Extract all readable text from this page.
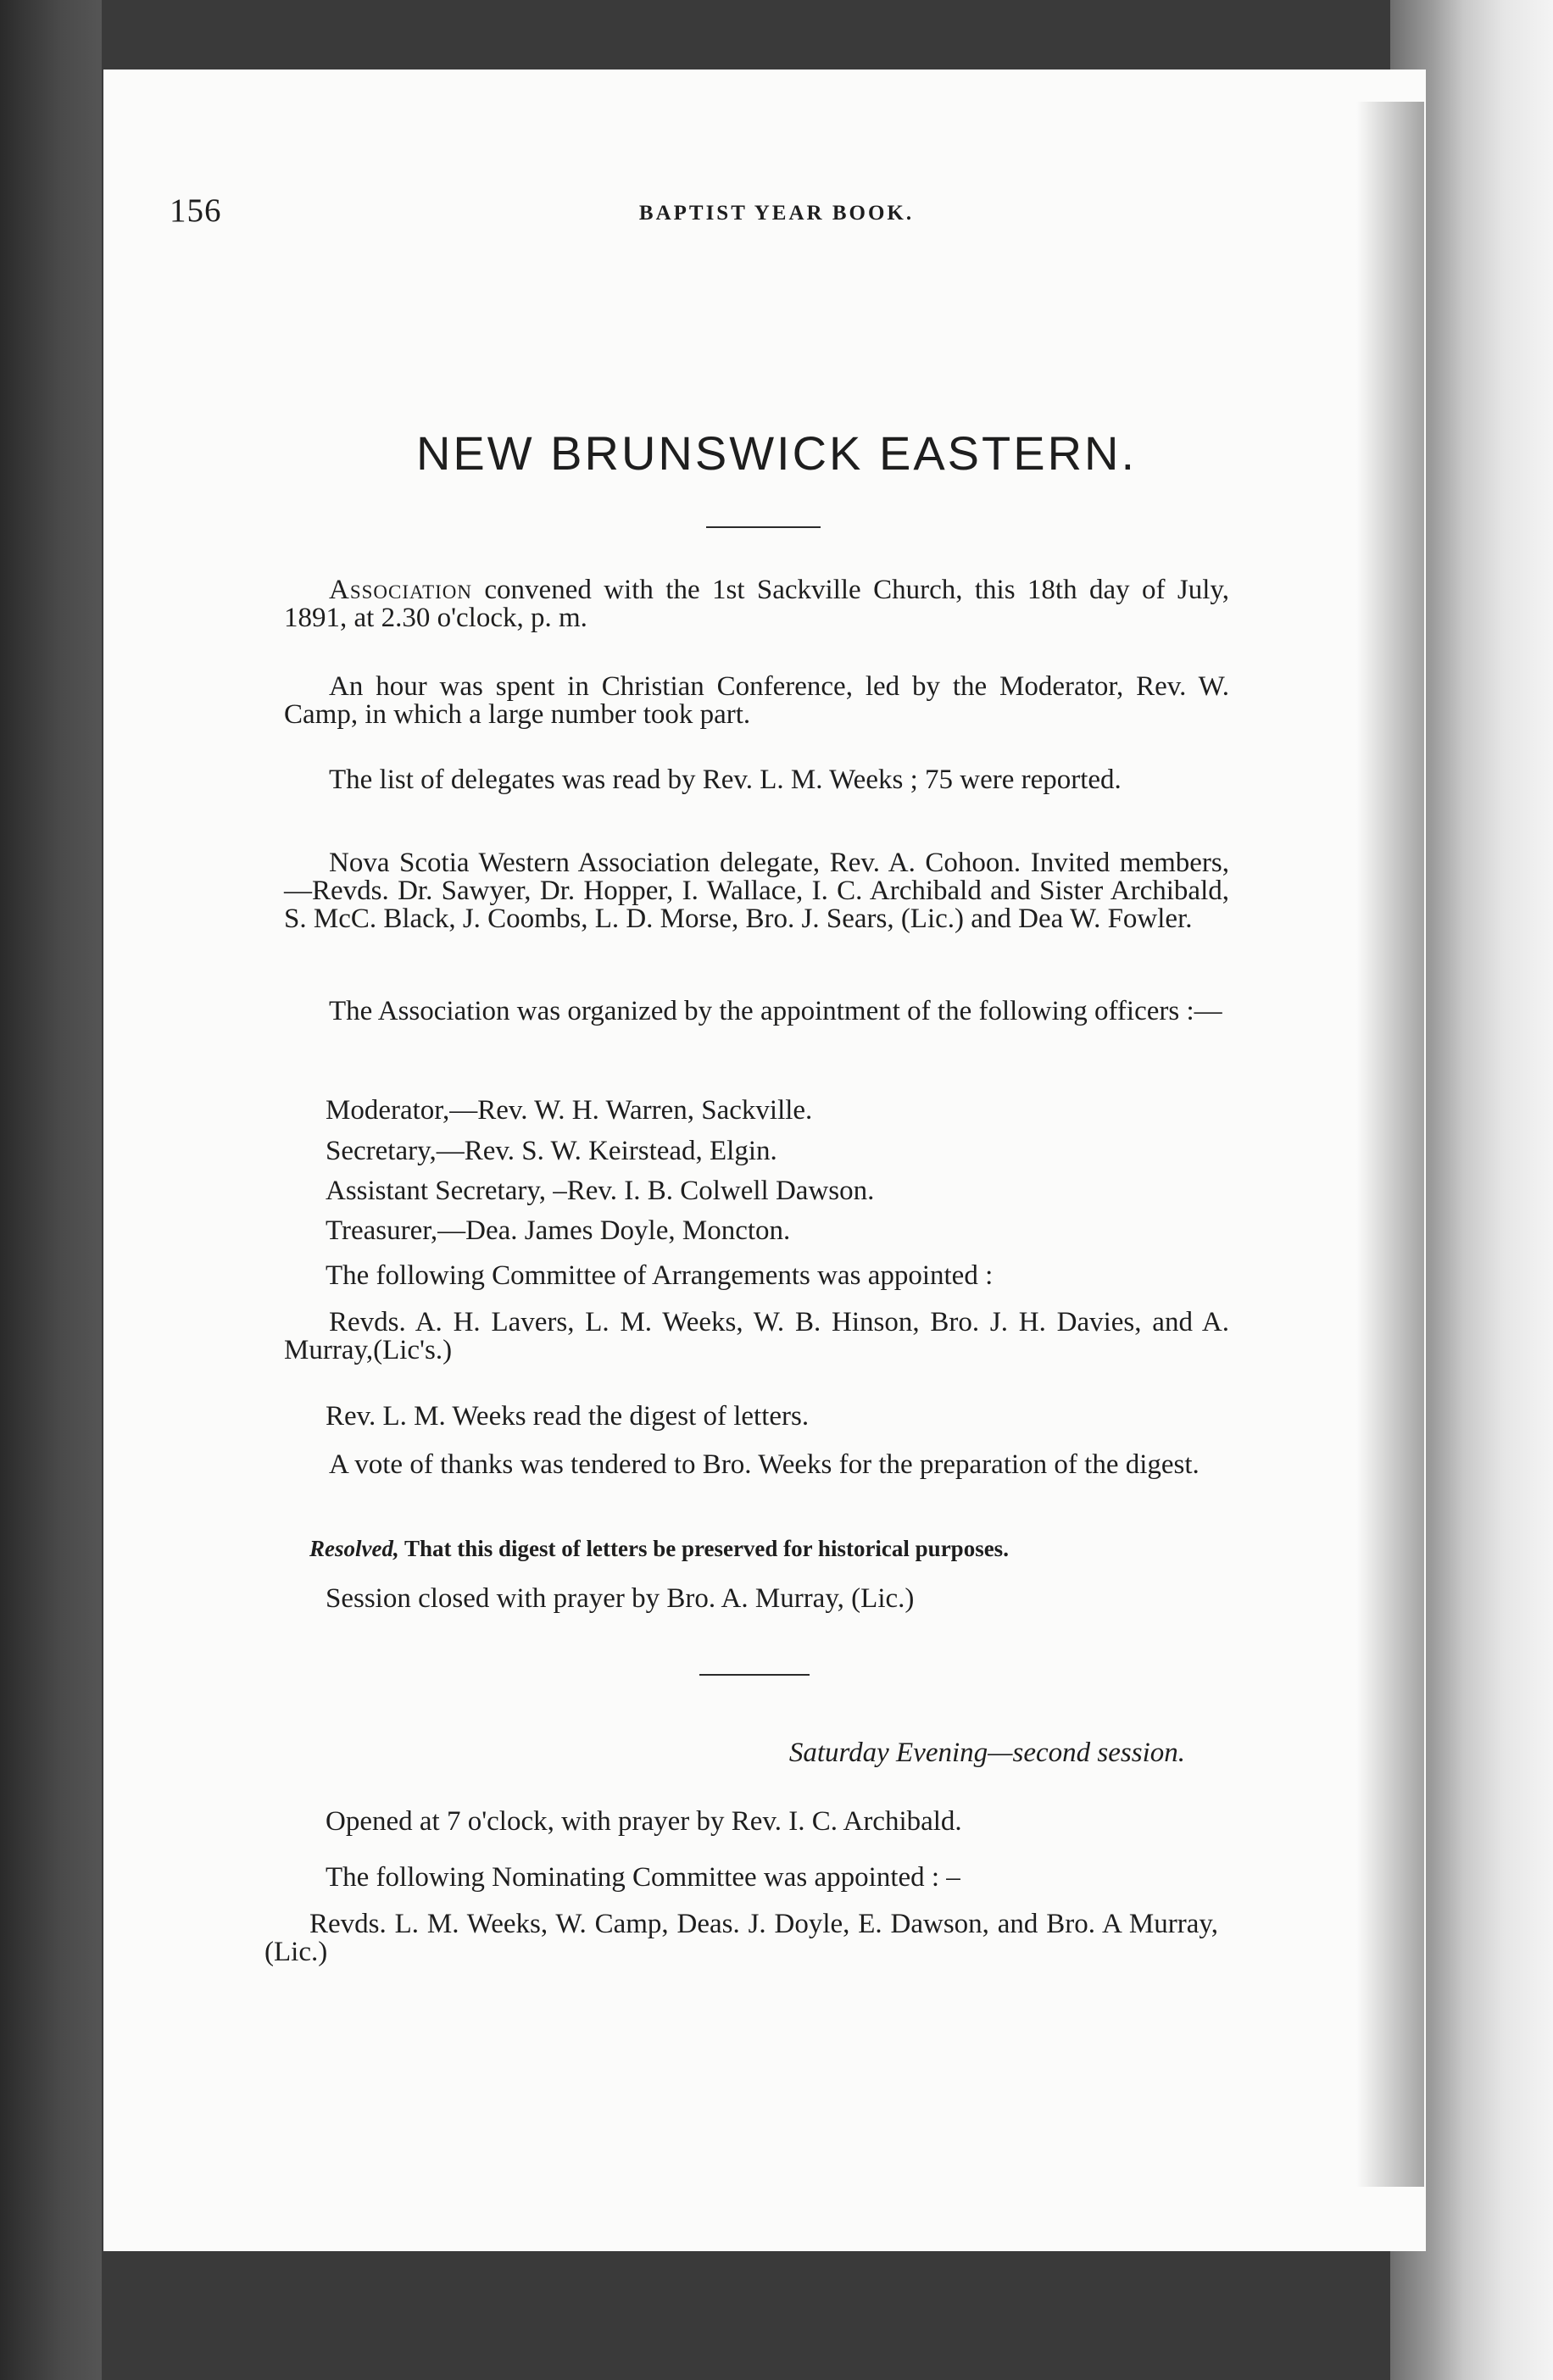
156	BAPTIST YEAR BOOK.
NEW BRUNSWICK EASTERN.

Association convened with the 1st Sackville Church, this 18th day of July, 1891, at 2.30 o'clock, p. m.

An hour was spent in Christian Conference, led by the Moderator, Rev. W. Camp, in which a large number took part.

The list of delegates was read by Rev. L. M. Weeks ; 75 were reported.

Nova Scotia Western Association delegate, Rev. A. Cohoon. Invited members,—Revds. Dr. Sawyer, Dr. Hopper, I. Wallace, I. C. Archibald and Sister Archibald, S. McC. Black, J. Coombs, L. D. Morse, Bro. J. Sears, (Lic.) and Dea W. Fowler.

The Association was organized by the appointment of the following officers :—

Moderator,—Rev. W. H. Warren, Sackville.
Secretary,—Rev. S. W. Keirstead, Elgin.
Assistant Secretary, –Rev. I. B. Colwell Dawson.
Treasurer,—Dea. James Doyle, Moncton.
The following Committee of Arrangements was appointed :

Revds. A. H. Lavers, L. M. Weeks, W. B. Hinson, Bro. J. H. Davies, and A. Murray,(Lic's.)

Rev. L. M. Weeks read the digest of letters.

A vote of thanks was tendered to Bro. Weeks for the preparation of the digest.

Resolved, That this digest of letters be preserved for historical purposes.
Session closed with prayer by Bro. A. Murray, (Lic.)
Saturday Evening—second session.
Opened at 7 o'clock, with prayer by Rev. I. C. Archibald.
The following Nominating Committee was appointed : –

Revds. L. M. Weeks, W. Camp, Deas. J. Doyle, E. Dawson, and Bro. A Murray, (Lic.)
